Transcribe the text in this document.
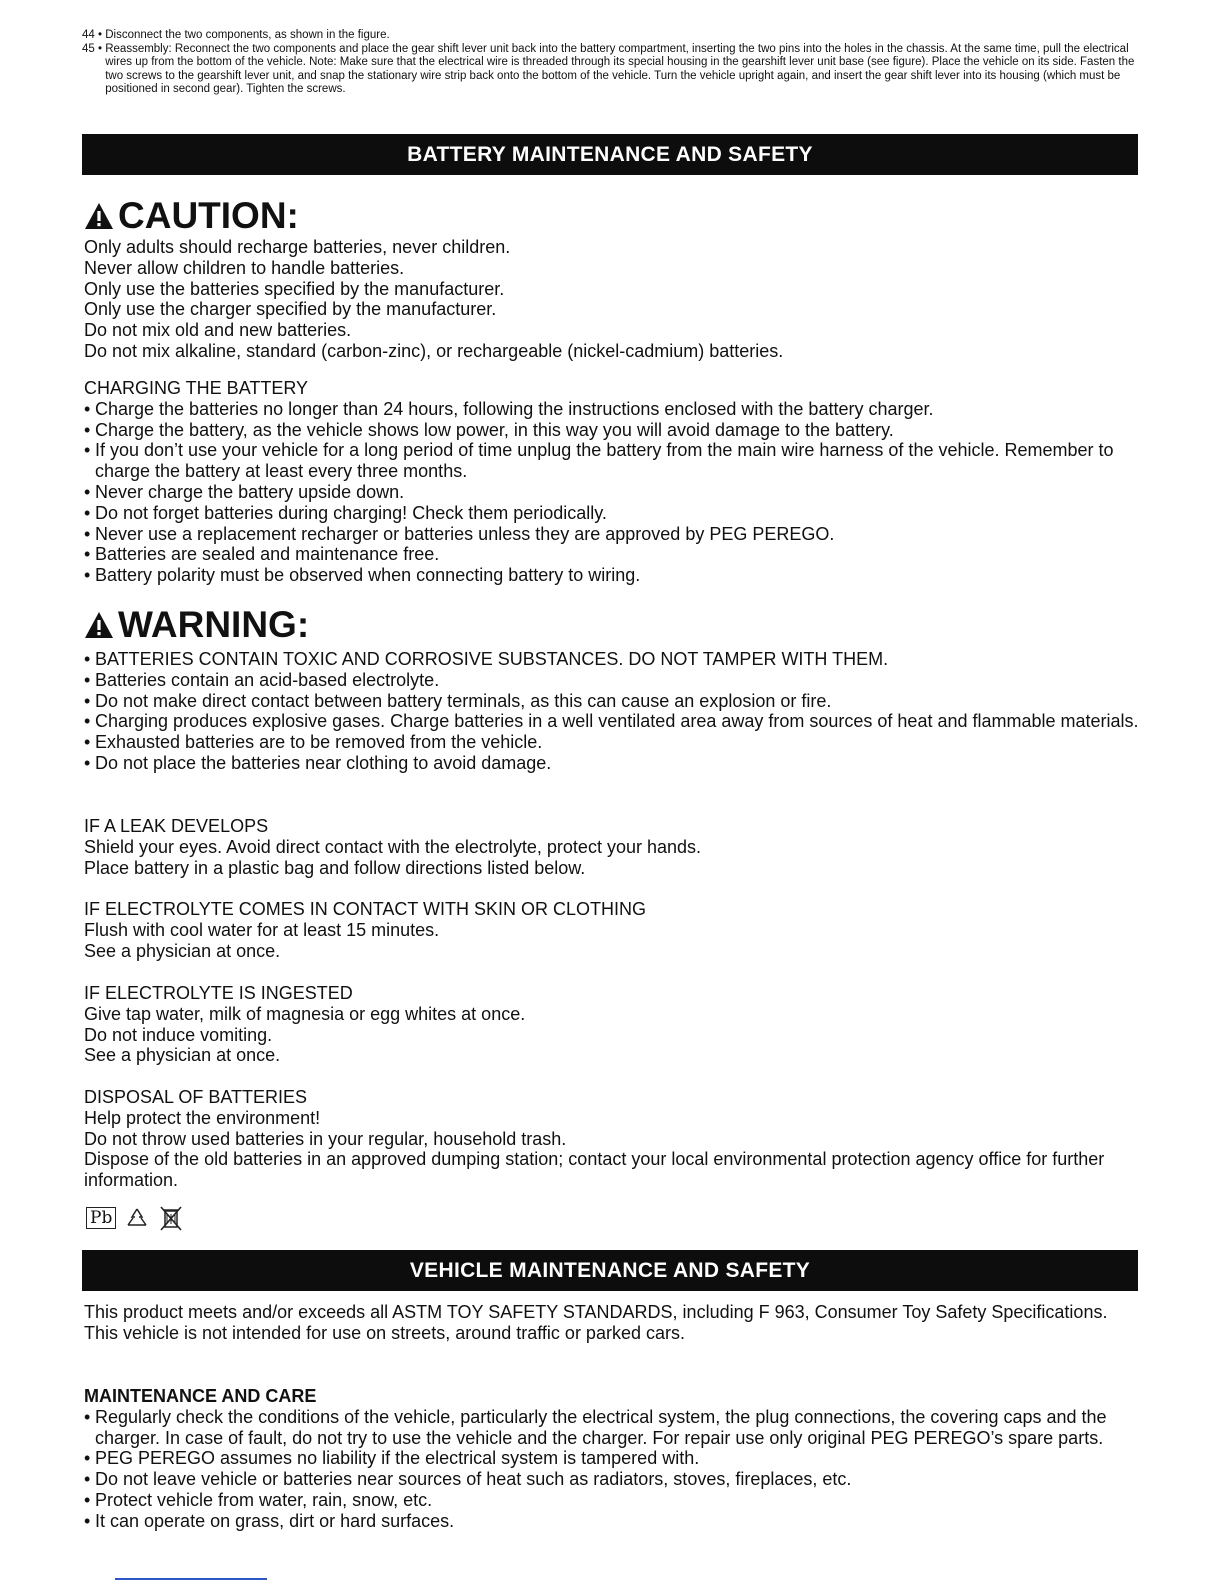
44 • Disconnect the two components, as shown in the figure.
45 • Reassembly: Reconnect the two components and place the gear shift lever unit back into the battery compartment, inserting the two pins into the holes in the chassis. At the same time, pull the electrical wires up from the bottom of the vehicle. Note: Make sure that the electrical wire is threaded through its special housing in the gearshift lever unit base (see figure). Place the vehicle on its side. Fasten the two screws to the gearshift lever unit, and snap the stationary wire strip back onto the bottom of the vehicle. Turn the vehicle upright again, and insert the gear shift lever into its housing (which must be positioned in second gear). Tighten the screws.
BATTERY MAINTENANCE AND SAFETY
CAUTION:
Only adults should recharge batteries, never children.
Never allow children to handle batteries.
Only use the batteries specified by the manufacturer.
Only use the charger specified by the manufacturer.
Do not mix old and new batteries.
Do not mix alkaline, standard (carbon-zinc), or rechargeable (nickel-cadmium) batteries.
CHARGING THE BATTERY
• Charge the batteries no longer than 24 hours, following the instructions enclosed with the battery charger.
• Charge the battery, as the vehicle shows low power, in this way you will avoid damage to the battery.
• If you don’t use your vehicle for a long period of time unplug the battery from the main wire harness of the vehicle. Remember to charge the battery at least every three months.
• Never charge the battery upside down.
• Do not forget batteries during charging! Check them periodically.
• Never use a replacement recharger or batteries unless they are approved by PEG PEREGO.
• Batteries are sealed and maintenance free.
• Battery polarity must be observed when connecting battery to wiring.
WARNING:
• BATTERIES CONTAIN TOXIC AND CORROSIVE SUBSTANCES. DO NOT TAMPER WITH THEM.
• Batteries contain an acid-based electrolyte.
• Do not make direct contact between battery terminals, as this can cause an explosion or fire.
• Charging produces explosive gases. Charge batteries in a well ventilated area away from sources of heat and flammable materials.
• Exhausted batteries are to be removed from the vehicle.
• Do not place the batteries near clothing to avoid damage.
IF A LEAK DEVELOPS
Shield your eyes. Avoid direct contact with the electrolyte, protect your hands.
Place battery in a plastic bag and follow directions listed below.
IF ELECTROLYTE COMES IN CONTACT WITH SKIN OR CLOTHING
Flush with cool water for at least 15 minutes.
See a physician at once.
IF ELECTROLYTE IS INGESTED
Give tap water, milk of magnesia or egg whites at once.
Do not induce vomiting.
See a physician at once.
DISPOSAL OF BATTERIES
Help protect the environment!
Do not throw used batteries in your regular, household trash.
Dispose of the old batteries in an approved dumping station; contact your local environmental protection agency office for further information.
Pb
VEHICLE MAINTENANCE AND SAFETY
This product meets and/or exceeds all ASTM TOY SAFETY STANDARDS, including F 963, Consumer Toy Safety Specifications.
This vehicle is not intended for use on streets, around traffic or parked cars.
MAINTENANCE AND CARE
• Regularly check the conditions of the vehicle, particularly the electrical system, the plug connections, the covering caps and the charger. In case of fault, do not try to use the vehicle and the charger. For repair use only original PEG PEREGO’s spare parts.
• PEG PEREGO assumes no liability if the electrical system is tampered with.
• Do not leave vehicle or batteries near sources of heat such as radiators, stoves, fireplaces, etc.
• Protect vehicle from water, rain, snow, etc.
• It can operate on grass, dirt or hard surfaces.
